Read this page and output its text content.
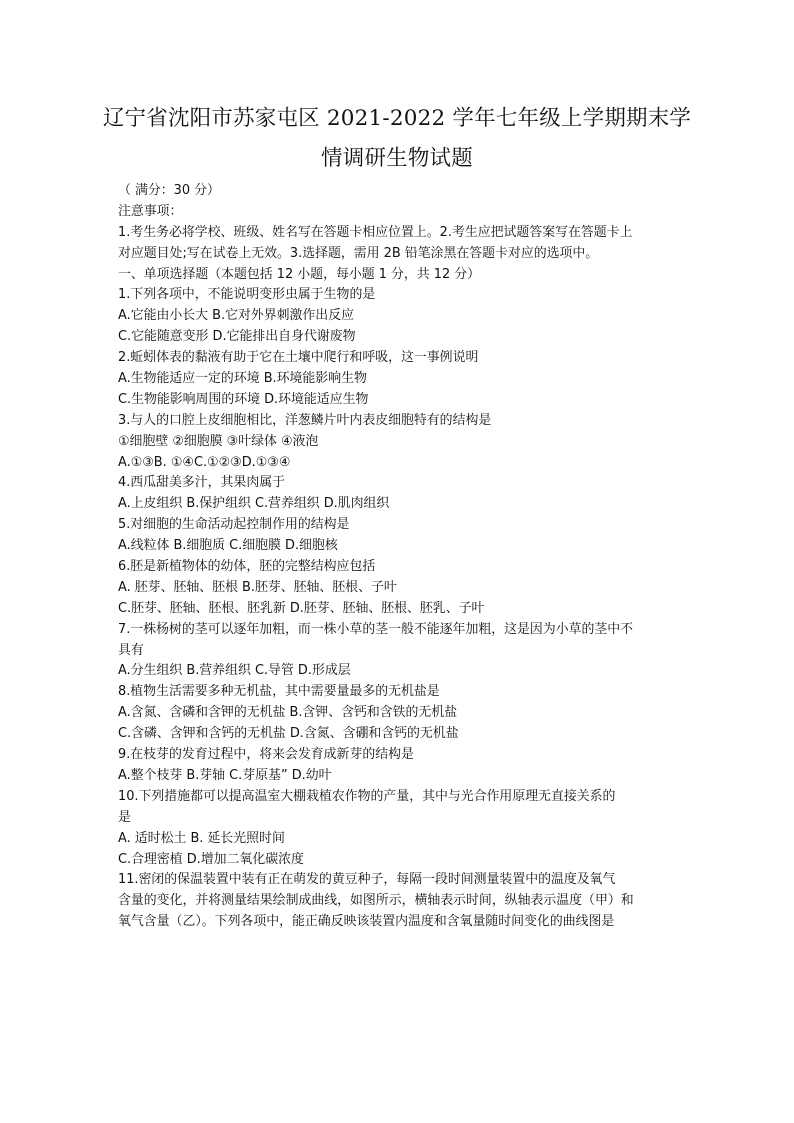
辽宁省沈阳市苏家屯区 2021-2022 学年七年级上学期期末学
情调研生物试题
（ 满分：30 分）
注意事项：
1.考生务必将学校、班级、姓名写在答题卡相应位置上。2.考生应把试题答案写在答题卡上
对应题目处;写在试卷上无效。3.选择题，需用 2B 铅笔涂黑在答题卡对应的选项中。
一、单项选择题（本题包括 12 小题，每小题 1 分，共 12 分）
1.下列各项中，不能说明变形虫属于生物的是
A.它能由小长大 B.它对外界刺激作出反应
C.它能随意变形 D.它能排出自身代谢废物
2.蚯蚓体表的黏液有助于它在土壤中爬行和呼吸，这一事例说明
A.生物能适应一定的环境 B.环境能影响生物
C.生物能影响周围的环境 D.环境能适应生物
3.与人的口腔上皮细胞相比，洋葱鳞片叶内表皮细胞特有的结构是
①细胞壁 ②细胞膜 ③叶绿体 ④液泡
A.①③B. ①④C.①②③D.①③④
4.西瓜甜美多汁，其果肉属于
A.上皮组织 B.保护组织 C.营养组织 D.肌肉组织
5.对细胞的生命活动起控制作用的结构是
A.线粒体 B.细胞质 C.细胞膜 D.细胞核
6.胚是新植物体的幼体，胚的完整结构应包括
A. 胚芽、胚轴、胚根 B.胚芽、胚轴、胚根、子叶
C.胚芽、胚轴、胚根、胚乳新 D.胚芽、胚轴、胚根、胚乳、子叶
7.一株杨树的茎可以逐年加粗，而一株小草的茎一般不能逐年加粗，这是因为小草的茎中不
具有
A.分生组织 B.营养组织 C.导管 D.形成层
8.植物生活需要多种无机盐，其中需要量最多的无机盐是
A.含氮、含磷和含钾的无机盐 B.含钾、含钙和含铁的无机盐
C.含磷、含钾和含钙的无机盐 D.含氮、含硼和含钙的无机盐
9.在枝芽的发育过程中，将来会发育成新芽的结构是
A.整个枝芽 B.芽轴 C.芽原基” D.幼叶
10.下列措施都可以提高温室大棚栽植农作物的产量，其中与光合作用原理无直接关系的
是
A. 适时松土 B. 延长光照时间
C.合理密植 D.增加二氧化碳浓度
11.密闭的保温装置中装有正在萌发的黄豆种子，每隔一段时间测量装置中的温度及氧气
含量的变化，并将测量结果绘制成曲线，如图所示，横轴表示时间，纵轴表示温度（甲）和
氧气含量（乙）。下列各项中，能正确反映该装置内温度和含氧量随时间变化的曲线图是
